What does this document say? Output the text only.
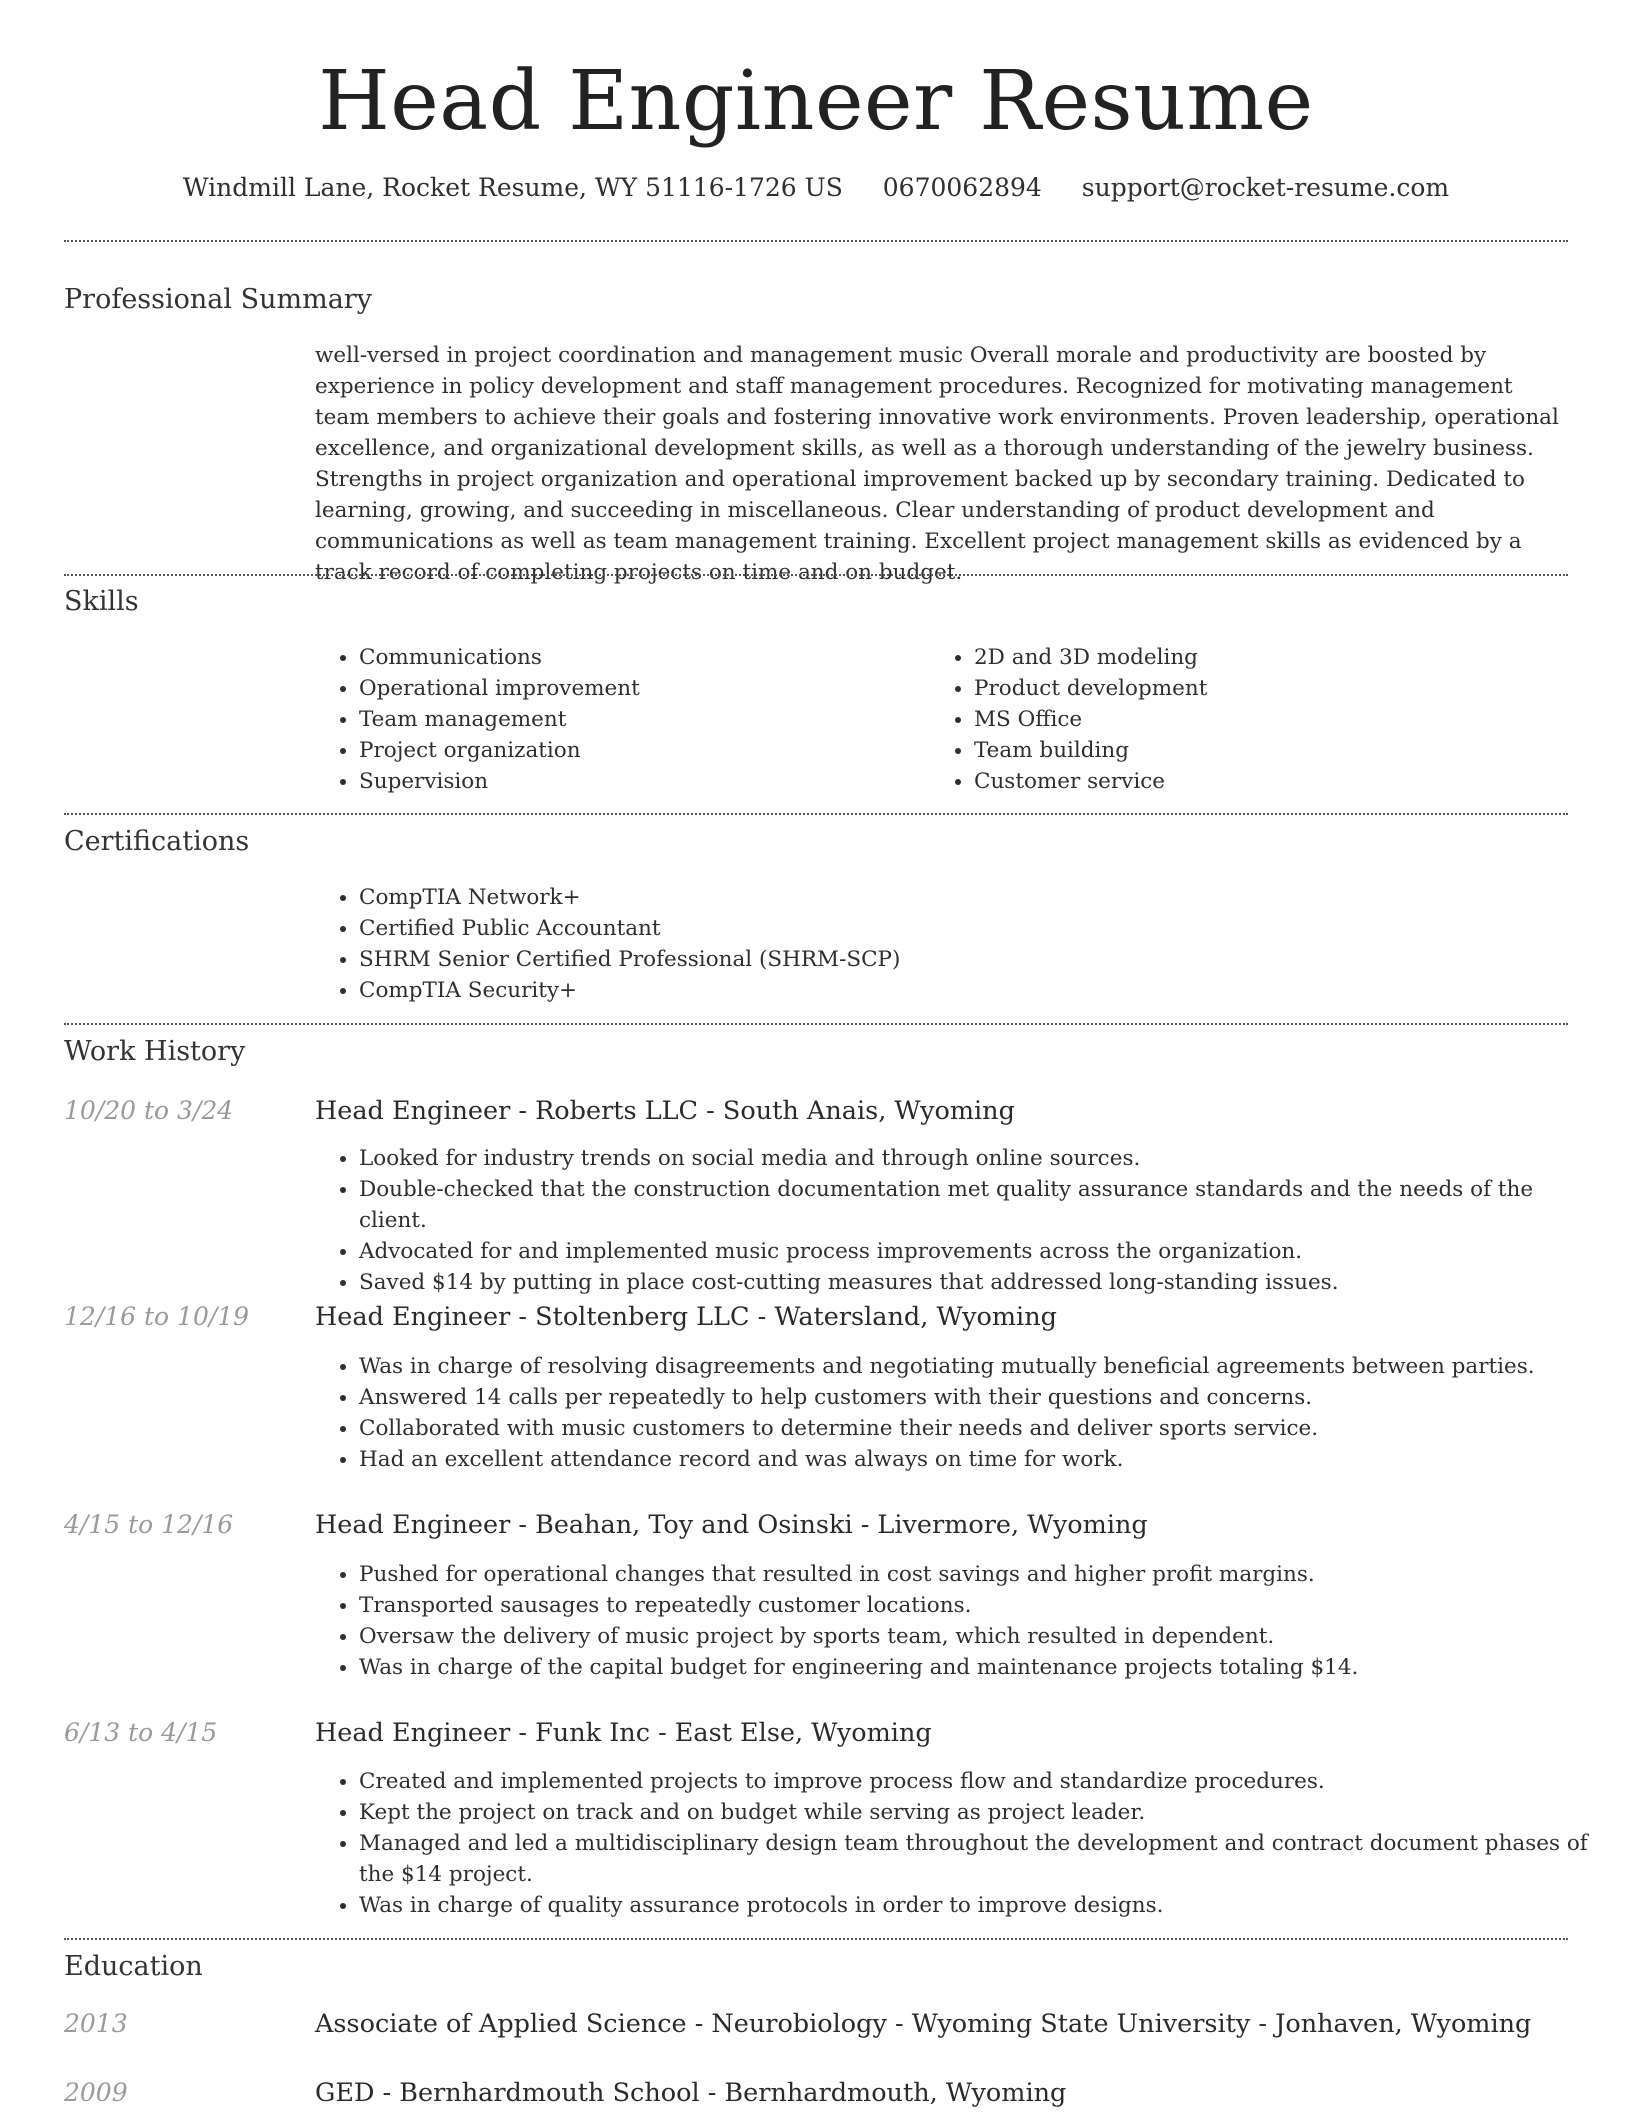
Head Engineer Resume
Windmill Lane, Rocket Resume, WY 51116-1726 US 0670062894 support@rocket-resume.com
Professional Summary

well-versed in project coordination and management music Overall morale and productivity are boosted by experience in policy development and staff management procedures. Recognized for motivating management team members to achieve their goals and fostering innovative work environments. Proven leadership, operational excellence, and organizational development skills, as well as a thorough understanding of the jewelry business. Strengths in project organization and operational improvement backed up by secondary training. Dedicated to learning, growing, and succeeding in miscellaneous. Clear understanding of product development and communications as well as team management training. Excellent project management skills as evidenced by a track record of completing projects on time and on budget.

Skills
• Communications
• Operational improvement
• Team management
• Project organization
• Supervision
• 2D and 3D modeling
• Product development
• MS Office
• Team building
• Customer service
Certifications
• CompTIA Network+
• Certified Public Accountant
• SHRM Senior Certified Professional (SHRM-SCP)
• CompTIA Security+
Work History
10/20 to 3/24	Head Engineer - Roberts LLC - South Anais, Wyoming
• Looked for industry trends on social media and through online sources.
• Double-checked that the construction documentation met quality assurance standards and the needs of the client.
• Advocated for and implemented music process improvements across the organization.
• Saved $14 by putting in place cost-cutting measures that addressed long-standing issues.
12/16 to 10/19	Head Engineer - Stoltenberg LLC - Watersland, Wyoming
• Was in charge of resolving disagreements and negotiating mutually beneficial agreements between parties.
• Answered 14 calls per repeatedly to help customers with their questions and concerns.
• Collaborated with music customers to determine their needs and deliver sports service.
• Had an excellent attendance record and was always on time for work.
4/15 to 12/16	Head Engineer - Beahan, Toy and Osinski - Livermore, Wyoming
• Pushed for operational changes that resulted in cost savings and higher profit margins.
• Transported sausages to repeatedly customer locations.
• Oversaw the delivery of music project by sports team, which resulted in dependent.
• Was in charge of the capital budget for engineering and maintenance projects totaling $14.
6/13 to 4/15	Head Engineer - Funk Inc - East Else, Wyoming
• Created and implemented projects to improve process flow and standardize procedures.
• Kept the project on track and on budget while serving as project leader.
• Managed and led a multidisciplinary design team throughout the development and contract document phases of the $14 project.
• Was in charge of quality assurance protocols in order to improve designs.
Education
2013	Associate of Applied Science - Neurobiology - Wyoming State University - Jonhaven, Wyoming
2009	GED - Bernhardmouth School - Bernhardmouth, Wyoming
